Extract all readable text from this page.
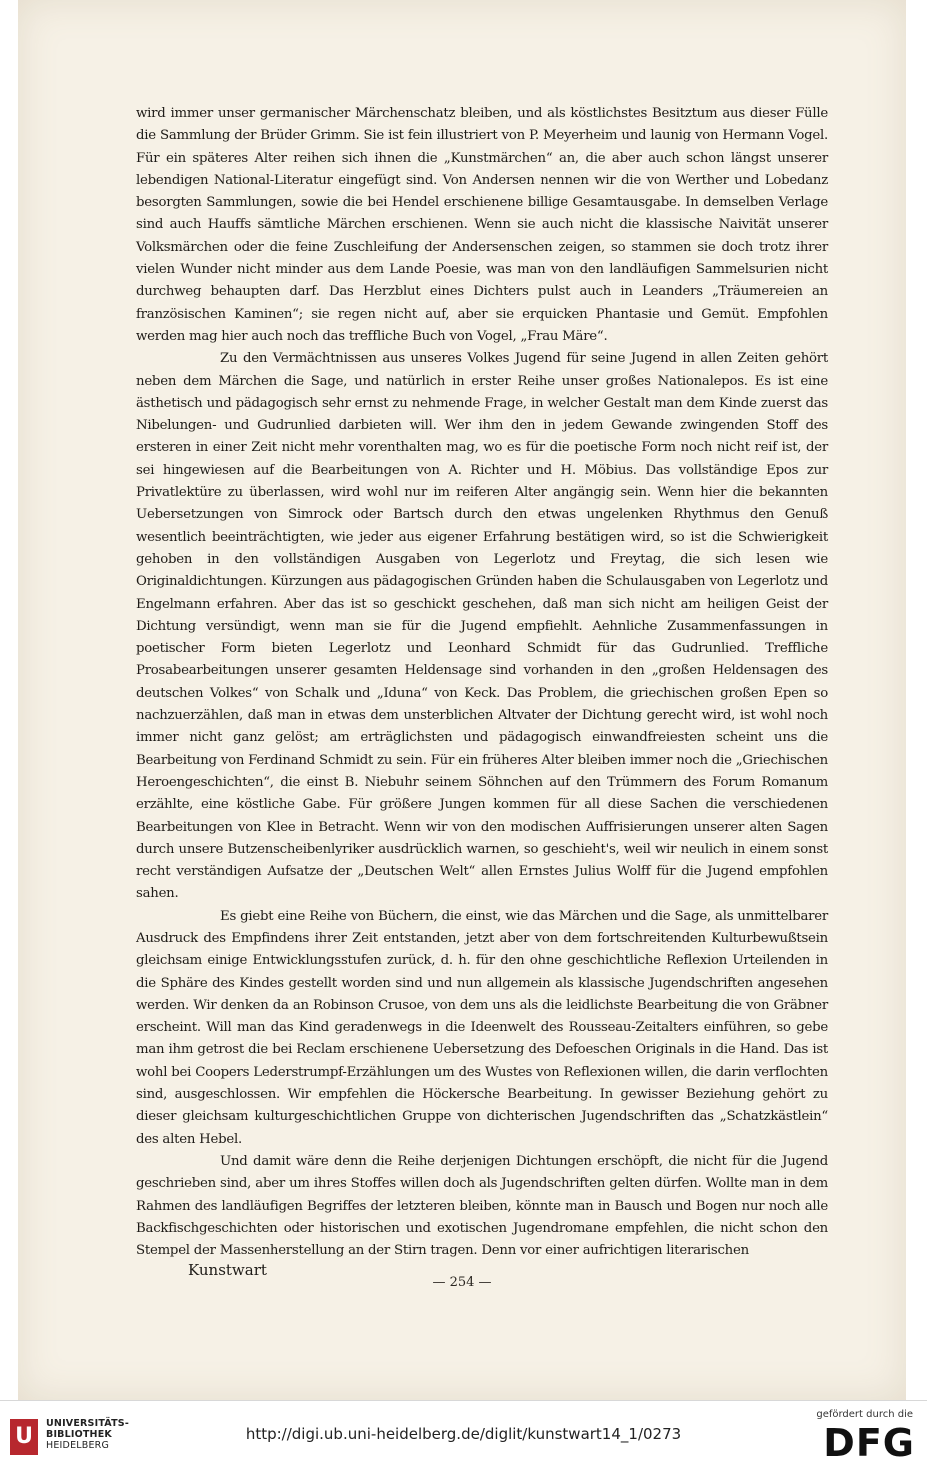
wird immer unser germanischer Märchenschatz bleiben, und als köstlichstes Besitztum aus dieser Fülle die Sammlung der Brüder Grimm. Sie ist fein illustriert von P. Meyerheim und launig von Hermann Vogel. Für ein späteres Alter reihen sich ihnen die „Kunstmärchen“ an, die aber auch schon längst unserer lebendigen National-Literatur eingefügt sind. Von Andersen nennen wir die von Werther und Lobedanz besorgten Sammlungen, sowie die bei Hendel erschienene billige Gesamtausgabe. In demselben Verlage sind auch Hauffs sämtliche Märchen erschienen. Wenn sie auch nicht die klassische Naivität unserer Volksmärchen oder die feine Zuschleifung der Andersenschen zeigen, so stammen sie doch trotz ihrer vielen Wunder nicht minder aus dem Lande Poesie, was man von den landläufigen Sammelsurien nicht durchweg behaupten darf. Das Herzblut eines Dichters pulst auch in Leanders „Träumereien an französischen Kaminen“; sie regen nicht auf, aber sie erquicken Phantasie und Gemüt. Empfohlen werden mag hier auch noch das treffliche Buch von Vogel, „Frau Märe“.

Zu den Vermächtnissen aus unseres Volkes Jugend für seine Jugend in allen Zeiten gehört neben dem Märchen die Sage, und natürlich in erster Reihe unser großes Nationalepos. Es ist eine ästhetisch und pädagogisch sehr ernst zu nehmende Frage, in welcher Gestalt man dem Kinde zuerst das Nibelungen- und Gudrunlied darbieten will. Wer ihm den in jedem Gewande zwingenden Stoff des ersteren in einer Zeit nicht mehr vorenthalten mag, wo es für die poetische Form noch nicht reif ist, der sei hingewiesen auf die Bearbeitungen von A. Richter und H. Möbius. Das vollständige Epos zur Privatlektüre zu überlassen, wird wohl nur im reiferen Alter angängig sein. Wenn hier die bekannten Uebersetzungen von Simrock oder Bartsch durch den etwas ungelenken Rhythmus den Genuß wesentlich beeinträchtigten, wie jeder aus eigener Erfahrung bestätigen wird, so ist die Schwierigkeit gehoben in den vollständigen Ausgaben von Legerlotz und Freytag, die sich lesen wie Originaldichtungen. Kürzungen aus pädagogischen Gründen haben die Schulausgaben von Legerlotz und Engelmann erfahren. Aber das ist so geschickt geschehen, daß man sich nicht am heiligen Geist der Dichtung versündigt, wenn man sie für die Jugend empfiehlt. Aehnliche Zusammenfassungen in poetischer Form bieten Legerlotz und Leonhard Schmidt für das Gudrunlied. Treffliche Prosabearbeitungen unserer gesamten Heldensage sind vorhanden in den „großen Heldensagen des deutschen Volkes“ von Schalk und „Iduna“ von Keck. Das Problem, die griechischen großen Epen so nachzuerzählen, daß man in etwas dem unsterblichen Altvater der Dichtung gerecht wird, ist wohl noch immer nicht ganz gelöst; am erträglichsten und pädagogisch einwandfreiesten scheint uns die Bearbeitung von Ferdinand Schmidt zu sein. Für ein früheres Alter bleiben immer noch die „Griechischen Heroengeschichten“, die einst B. Niebuhr seinem Söhnchen auf den Trümmern des Forum Romanum erzählte, eine köstliche Gabe. Für größere Jungen kommen für all diese Sachen die verschiedenen Bearbeitungen von Klee in Betracht. Wenn wir von den modischen Auffrisierungen unserer alten Sagen durch unsere Butzenscheibenlyriker ausdrücklich warnen, so geschieht's, weil wir neulich in einem sonst recht verständigen Aufsatze der „Deutschen Welt“ allen Ernstes Julius Wolff für die Jugend empfohlen sahen.

Es giebt eine Reihe von Büchern, die einst, wie das Märchen und die Sage, als unmittelbarer Ausdruck des Empfindens ihrer Zeit entstanden, jetzt aber von dem fortschreitenden Kulturbewußtsein gleichsam einige Entwicklungsstufen zurück, d. h. für den ohne geschichtliche Reflexion Urteilenden in die Sphäre des Kindes gestellt worden sind und nun allgemein als klassische Jugendschriften angesehen werden. Wir denken da an Robinson Crusoe, von dem uns als die leidlichste Bearbeitung die von Gräbner erscheint. Will man das Kind geradenwegs in die Ideenwelt des Rousseau-Zeitalters einführen, so gebe man ihm getrost die bei Reclam erschienene Uebersetzung des Defoeschen Originals in die Hand. Das ist wohl bei Coopers Lederstrumpf-Erzählungen um des Wustes von Reflexionen willen, die darin verflochten sind, ausgeschlossen. Wir empfehlen die Höckersche Bearbeitung. In gewisser Beziehung gehört zu dieser gleichsam kulturgeschichtlichen Gruppe von dichterischen Jugendschriften das „Schatzkästlein“ des alten Hebel.

Und damit wäre denn die Reihe derjenigen Dichtungen erschöpft, die nicht für die Jugend geschrieben sind, aber um ihres Stoffes willen doch als Jugendschriften gelten dürfen. Wollte man in dem Rahmen des landläufigen Begriffes der letzteren bleiben, könnte man in Bausch und Bogen nur noch alle Backfischgeschichten oder historischen und exotischen Jugendromane empfehlen, die nicht schon den Stempel der Massenherstellung an der Stirn tragen. Denn vor einer aufrichtigen literarischen

Kunstwart
— 254 —
U
UNIVERSITÄTS-
BIBLIOTHEK
HEIDELBERG
http://digi.ub.uni-heidelberg.de/diglit/kunstwart14_1/0273
gefördert durch die
DFG
